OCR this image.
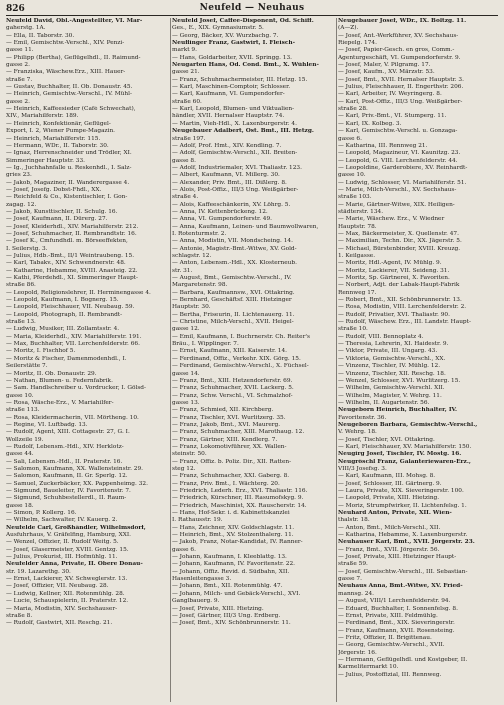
826	Neufeld — Neuhaus
Neufeld David, Obl.-Angestellter, VI. Mar-
gaherstg. 1A.
— Ella, II. Taborstr. 30.
— Emil, Gemischtw.-Verschl., XIV. Penzi-
gasse 11.
— Philipp (Bertha), Geflügelhdl., II. Raimund-
gasse 2.
— Franziska, Wäschew.Erz., XIII. Hauer-
straße 7.
— Gustav, Buchhalter, II. Ob. Donaustr. 45.
— Heinrich, Gemischtw.-Verschl., IV. Mühl-
gasse 2.
— Heinrich, Kaffeesieder (Café Schwechat),
XIV., Mariahilferstr. 189.
— Heinrich, Konfektionär, Geflügel-
Export, I. 2, Wiener Pumpe-Magazin.
— Heinrich, Mariahilferstr. 115.
— Hermann, WDr., II. Taborstr. 30.
— Ignaz, Herrenschneider und Trödler, XI.
Simmeringer Hauptstr. 33.
— Ig., Juchhahnfalle u. Reskenhdl., I. Salz-
gries 23.
— Jakob, Magaziner, II. Wanderergasse 4.
— Josef, Josefg. Dobst-Fhdl., XX.
— Reichfeld & Co., Kistentischler, I. Gon-
zagag. 12.
— Jakob, Kunsttischler, II. Schulg. 16.
— Josef, Kaufmann, II. Dürerg. 27.
— Josef, Kleiderhdl., XIV. Mariahilferstr. 212.
— Josef, Schuhmacher, II. Rembrandtstr. 16.
— Josef K., Cmfundhdl. m. Börseeffekten,
I. Seilerstg. 3.
— Julius, Hdb.-Bmt., II/1 Weintraubeng. 15.
— Karl, Tabakv., XIV. Schwendnerstr. 48.
— Katharine, Hebamme, XVIII. Anasteig. 22.
— Kathi, Pferdehdl., XI. Simmeringer Haupt-
straße 86.
— Leopold, Religionslehrer, II. Herminengasse 4.
— Leopold, Kaufmann, I. Bognerg. 15.
— Leopold, Fleischhauer, VII. Neubaug. 59.
— Leopold, Photograph, II. Rembrandt-
straße 13.
— Ludwig, Musiker, III. Zollamtsstr. 4.
— Maria, Kleiderhdl., XIV. Mariahilferstr. 191.
— Max, Buchhalter, VII. Lerchenfelderstr. 66.
— Moritz, I. Fischhof 5.
— Moritz & Fischer, Damenmodenhdl., I.
Seilerstätte 7.
— Moritz, II. Ob. Donaustr. 29.
— Nathan, Blumen- u. Federnfabrik.
— Sam. Handlschreiber u. Vordrucker, I. Gölsd-
gasse 10.
— Rosa, Wäsche-Erz., V. Mariahilfer-
straße 113.
— Rosa, Kleidermacherin, VII. Mörtheng. 10.
— Regine, VI. Luftbadg. 13.
— Rudolf, Agent, XIII. Cottagestr. 27, G. I.
Wollzeile 19.
— Rudolf, Lebensm.-Hdl., XIV. Herklotz-
gasse 44.
— Sali, Lebensm.-Hdl., II. Praterstr. 16.
— Salomon, Kaufmann, XX. Wallensteinstr. 29.
— Salomon, Kaufmann, II. Gr. Sperlg. 12.
— Samuel, Zuckerbäcker, XX. Pappenheimg. 32.
— Sigmund, Baueleiter, IV. Favoritenstr. 7.
— Sigmund, Schuhbestellerdl., II. Raum-
gasse 18.
— Simon, P. Kollerg. 16.
— Wilhelm, Sachwalter, IV. Kauerg. 2.
Neufelde Carl, Großhändler, Wilhelmsdorf,
Ausfuhrhaus, V. Gräfelfing, Hamburg, XXI.
— Wenzel, Offizier, II. Rudolf Weitg. 5.
— Josef, Glasermeister, XVIII. Gentzg. 15.
— Julius, Prokurist, III. Hofmühlg. 11.
Neufelder Anna, Private, II. Obere Donau-
str. 19. Lazarethg. 30.
— Ernst, Lackierer, XV. Schweglerstr. 13.
— Josef, Offizier, VII. Neubaug. 28.
— Ludwig, Kellner, XII. Rotenmühlg. 28.
— Lucie, Schauspielerin, II. Praterstr. 12.
— Maria, Modistin, XIV. Sechshauser-
straße 8.
— Rudolf, Gastwirt, XII. Reschg. 21.
Neufeld Josef, Caffee-Disponent, Od. Schiff.
Ges., E., XIX. Gymnasiumstr. 5.
— Georg, Bäcker, XV. Wurzbachg. 7.
Neuflinger Franz, Gastwirt, I. Fleisch-
markt 9.
— Hans, Goldarbeiter, XVII. Springg. 13.
Neugarten Hans, Od. Cond. Bmt., X. Wühlen-
gasse 21.
— Franz, Schuhmachermeister, III. Hetzg. 15.
— Karl, Maschinen-Comptoir, Schlosser.
— Karl, Kaufmann, VI. Gumpendorfer-
straße 60.
— Karl, Leopold, Blumen- und Viktualien-
händler, XVII. Hernalser Hauptstr. 74.
— Martin, Vieh-Hdl., X. Laxenburgerstr. 4.
Neugebauer Adalbert, Öst. Bmt., III. Hetzg.
straße 197.
— Adolf, Prof. Hmt., XIV. Kendling. 7.
— Adolf, Gemischtw.-Verschl., XII. Breiten-
gasse 8.
— Adolf, Industriemaler, XVI. Thaliastr. 123.
— Albert, Kaufmann, VI. Millerg. 30.
— Alexander, Priv. Bmt., III. Dißlerg. 8.
— Alois, Post-Offiz., III/3 Ung. Weißgärber-
straße 4.
— Alois, Kaffeeschänkerin, XV. Löhrg. 5.
— Anna, IV. Kettenbrückeng. 12.
— Anna, VI. Gumpendorferstr. 49.
— Anna, Kaufmann, Leinen- und Baumwollwaren,
I. Rotenturmstr. 2.
— Anna, Modistin, VII. Mondscheing. 14.
— Antonie, Magistr.-Bmt.-Witwe, XV. Gold-
schlagstr. 12.
— Anton, Lebensm.-Hdl., XX. Klosterneub.
str. 31.
— August, Bmt., Gemischtw.-Verschl., IV.
Margaretenstr. 98.
— Barbara, Kaufmannsw., XVI. Ottakring.
— Bernhard, Geschäftsf. XIII. Hietzinger
Hauptstr. 30.
— Bertha, Friseurin, II. Lichtenauerg. 11.
— Christine, Milch-Verschl., XVII. Heigel-
gasse 12.
— Emil, Kaufmann, I. Buchrnerstr. Ch. Reiter's
Bräu., I. Wipplinger. 7.
— Ernst, Kaufmann, XIII. Kaiserstr. 14.
— Ferdinand, Offiz., Verkehr. XIX. Görg. 15.
— Ferdinand, Gemischtw.-Verschl., X. Füchsel-
gasse 14.
— Franz, Bmt., XIII. Hetzendorferstr. 69.
— Franz, Schuhmacher, XVII. Lackerg. 5.
— Franz, Schw. Verschl., VI. Schmalzhof-
gasse 13.
— Franz, Schmied, XII. Kirchberg.
— Franz, Tischler, XVI. Wurlitzerg. 35.
— Franz, Jakob, Bmt., XVI. Maurerg.
— Franz, Schuhmacher, XIII. Marothaug. 12.
— Franz, Gärtner, XIII. Kendlerg. 7.
— Franz, Lokomotivführer, XX. Wallen-
steinstr. 50.
— Franz, Offiz. b. Poliz. Dir., XII. Ratten-
steg 12.
— Franz, Schuhmacher, XXI. Gaberg. 8.
— Franz, Priv. Bmt., I. Wächterg. 20.
— Friedrich, Lederh. Erz., XVI. Thaliastr. 116.
— Friedrich, Kürschner, III. Rasumofskyg. 9.
— Friedrich, Maschinist, XX. Rauscherstr. 14.
— Hans, Hof-Sekr. i. d. Kabinettskanzlei
I. Rathausstr. 19.
— Hans, Zeichner, XIV. Goldschlagstr. 11.
— Heinrich, Bmt., XV. Stolzenthalerg. 11.
— Jakob, Franz, Notar-Kandidat, IV. Ranner-
gasse 6.
— Johann, Kaufmann, I. Kleeblattg. 13.
— Johann, Kaufmann, IV. Favoritenstr. 22.
— Johann, Offiz. Revid. d. Südbahn, XII.
Hasenleitengasse 3.
— Johann, Bmt., XII. Rotenmühlg. 47.
— Johann, Milch- und Gebäck-Verschl., XVI.
Ganglbauerg. 9.
— Josef, Private, XIII. Hietzing.
— Josef, Gärtner, III/3 Ung. Erdberg.
— Josef, Bmt., XIV. Schönbrunnerstr. 11.
Neugebauer Josef, WDr., IX. Boltzg. 11.
(A—Z).
— Josef, Ant.-Werkführer, XV. Sechshaus-
Riepelg. 174.
— Josef, Papier-Gesch. en gros, Comm.-
Agenturgeschäft, VI. Gumpendorferstr. 9.
— Josef, Maler, V. Pilgramg. 17.
— Josef, Kaufm., XV. Märzstr. 53.
— Josef, Bmt., XVII. Hernalser Hauptstr. 3.
— Julius, Fleischhauer, II. Engerthstr. 206.
— Karl, Arbeiter, IV. Weyringerg. 8.
— Karl, Post-Offiz., III/3 Ung. Weißgärber-
straße 28.
— Karl, Priv.-Bmt., VI. Stumperg. 11.
— Karl, IX. Kolbeg. 3.
— Karl, Gemischtw.-Verschl. u. Gonzaga-
gasse 6.
— Katharina, III. Rennweg 21.
— Leopold, Magazineur, VI. Kaunitzg. 23.
— Leopold, G. VIII. Lerchenfelderstr. 44.
— Leopoldine, Garderobiere, XV. Reinhardt-
gasse 10.
— Ludwig, Schlosser, VI. Mariahilferstr. 51.
— Marie, Milch-Verschl., XV. Sechshaus-
straße 103.
— Marie, Gärtner-Witwe, XIX. Heiligen-
städterstr. 134.
— Marie, Wäschew. Erz., V. Wiedner
Hauptstr. 78.
— Max, Bäckermeister, X. Quellenstr. 47.
— Maximilian, Techn. Dir., XX. Jägerstr. 5.
— Michael, Bürstenbinder, XVIII. Kreuzg.
1. Keilgasse.
— Moritz, Hdl.-Agent, IV. Mühlg. 9.
— Moritz, Lackierer, VII. Seideng. 31.
— Moritz, Sp. Gärtnerei, X. Favoriten.
— Norbert, Adjt. der Labak-Haupt-Fabrik
Rennweg 17.
— Robert, Bmt., XII. Schönbrunnerstr. 13.
— Rosa, Modistin, VIII. Lerchenfelderstr. 2.
— Rudolf, Privatier, XVI. Thaliastr. 90.
— Rudolf, Wäschew. Erz., III. Landstr. Haupt-
straße 10.
— Rudolf, VIII. Bennoplatz 4.
— Theresia, Lehrerin, XI. Haidestr. 9.
— Viktor, Private, III. Ungarg. 43.
— Viktoria, Gemischtw.-Verschl., XX.
— Vinzenz, Tischler, IV. Mühlg. 12.
— Vinzenz, Tischler, XII. Reschg. 18.
— Wenzel, Schlosser, XVI. Wurlitzerg. 15.
— Wilhelm, Gemischtw.-Verschl. XII.
— Wilhelm, Magister, V. Wehrg. 11.
— Wilhelm, II. Augartenstr. 56.
Neugeborn Heinrich, Buchhalter, IV.
Favoritenstr. 36.
Neugeboren Barbara, Gemischtw.-Verschl.,
V. Wehrg. 18.
— Josef, Tischler, XVI. Ottakring.
— Karl, Fleischhauer, XV. Mariahilferstr. 150.
Neugirg Josef, Tischler, IV. Mostg. 16.
Neugröschl Franz, Galanteriewaren-Erz.,
VIII/3 Josefsg. 3.
— Karl, Kaufmann, III. Mohsg. 8.
— Josef, Schlosser, III. Gärtnerg. 9.
— Laura, Private, XIX. Sieveringerstr. 100.
— Leopold, Private, XIII. Hietzing.
— Moriz, Strumpfwirker, II. Lichtenfelsg. 1.
Neuhard Anton, Private, XII. Wien-
thalstr. 18.
— Anton, Bmt., Milch-Verschl., XII.
— Katharina, Hebamme, X. Laxenburgerstr.
Neuhauser Karl, Bmt., XVII. Jörgerstr. 23.
— Franz, Bmt., XVII. Jörgerstr. 56.
— Josef, Private, XIII. Hietzinger Haupt-
straße 59.
— Josef, Gemischtw.-Verschl., III. Sebastian-
gasse 7.
Neuhaus Anna, Bmt.-Witwe, XV. Fried-
mannsg. 24.
— August, VIII/1 Lerchenfelderstr. 94.
— Eduard, Buchhalter, I. Sonnenfelsg. 8.
— Ernst, Private, XIII. Feldmühlg.
— Ferdinand, Bmt., XIX. Sieveringerstr.
— Franz, Kaufmann, XVII. Rosensteing.
— Fritz, Offizier, II. Brigittenau.
— Georg, Gemischtw.-Verschl., XVII.
Jörgerstr. 16.
— Hermann, Geflügelhdl. und Kostgeber, II.
Karmelitermarkt 10.
— Julius, Postoffizial, III. Rennweg.
